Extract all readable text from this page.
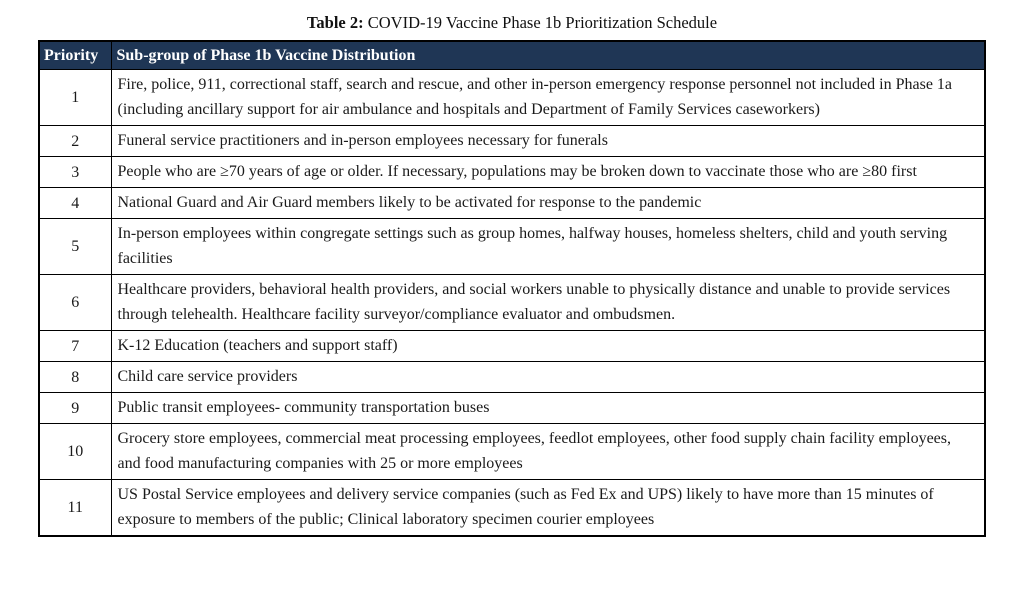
Table 2: COVID-19 Vaccine Phase 1b Prioritization Schedule
Priority	Sub-group of Phase 1b Vaccine Distribution
1	Fire, police, 911, correctional staff, search and rescue, and other in-person emergency response personnel not included in Phase 1a (including ancillary support for air ambulance and hospitals and Department of Family Services caseworkers)
2	Funeral service practitioners and in-person employees necessary for funerals
3	People who are ≥70 years of age or older. If necessary, populations may be broken down to vaccinate those who are ≥80 first
4	National Guard and Air Guard members likely to be activated for response to the pandemic
5	In-person employees within congregate settings such as group homes, halfway houses, homeless shelters, child and youth serving facilities
6	Healthcare providers, behavioral health providers, and social workers unable to physically distance and unable to provide services through telehealth. Healthcare facility surveyor/compliance evaluator and ombudsmen.
7	K-12 Education (teachers and support staff)
8	Child care service providers
9	Public transit employees- community transportation buses
10	Grocery store employees, commercial meat processing employees, feedlot employees, other food supply chain facility employees, and food manufacturing companies with 25 or more employees
11	US Postal Service employees and delivery service companies (such as Fed Ex and UPS) likely to have more than 15 minutes of exposure to members of the public; Clinical laboratory specimen courier employees
